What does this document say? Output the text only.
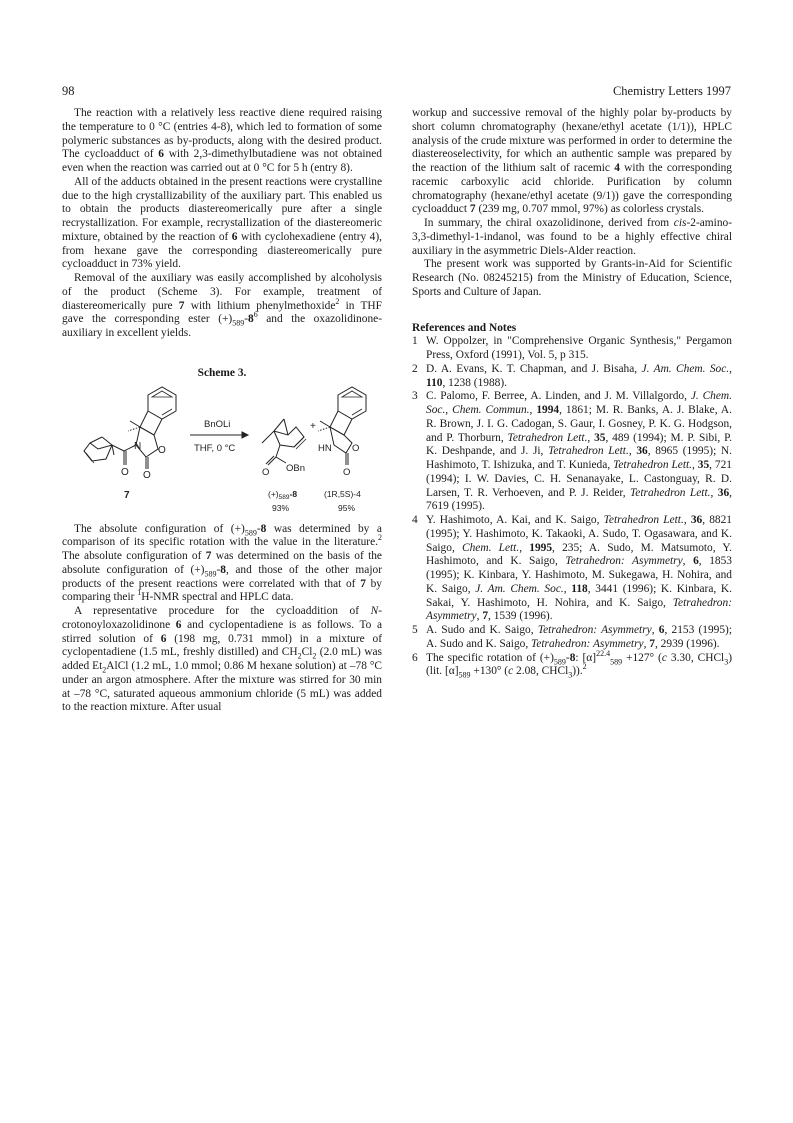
98	Chemistry Letters 1997

The reaction with a relatively less reactive diene required raising the temperature to 0 °C (entries 4-8), which led to formation of some polymeric substances as by-products, along with the desired product. The cycloadduct of 6 with 2,3-dimethylbutadiene was not obtained even when the reaction was carried out at 0 °C for 5 h (entry 8).

All of the adducts obtained in the present reactions were crystalline due to the high crystallizability of the auxiliary part. This enabled us to obtain the products diastereomerically pure after a single recrystallization. For example, recrystallization of the diastereomeric mixture, obtained by the reaction of 6 with cyclohexadiene (entry 4), from hexane gave the corresponding diastereomerically pure cycloadduct in 73% yield.

Removal of the auxiliary was easily accomplished by alcoholysis of the product (Scheme 3). For example, treatment of diastereomerically pure 7 with lithium phenylmethoxide$^2$ in THF gave the corresponding ester $(+)_{589}-8^6$ and the oxazolidinone-auxiliary in excellent yields.

Scheme 3.
N O
O
O
7
BnOLi
THF, 0 °C
O OBn
$(+)_{589}-8$
93%
+
HN O
O
(1R,5S)-4
95%

The absolute configuration of $(+)_{589}-8$ was determined by a comparison of its specific rotation with the value in the literature.$^2$ The absolute configuration of 7 was determined on the basis of the absolute configuration of $(+)_{589}-8$, and those of the other major products of the present reactions were correlated with that of 7 by comparing their $^1$H-NMR spectral and HPLC data.

A representative procedure for the cycloaddition of N-crotonoyloxazolidinone 6 and cyclopentadiene is as follows. To a stirred solution of 6 (198 mg, 0.731 mmol) in a mixture of cyclopentadiene (1.5 mL, freshly distilled) and $CH_2Cl_2$ (2.0 mL) was added $Et_2AlCl$ (1.2 mL, 1.0 mmol; 0.86 M hexane solution) at –78 °C under an argon atmosphere. After the mixture was stirred for 30 min at –78 °C, saturated aqueous ammonium chloride (5 mL) was added to the reaction mixture. After usual

workup and successive removal of the highly polar by-products by short column chromatography (hexane/ethyl acetate (1/1)), HPLC analysis of the crude mixture was performed in order to determine the diastereoselectivity, for which an authentic sample was prepared by the reaction of the lithium salt of racemic 4 with the corresponding racemic carboxylic acid chloride. Purification by column chromatography (hexane/ethyl acetate (9/1)) gave the corresponding cycloadduct 7 (239 mg, 0.707 mmol, 97%) as colorless crystals.

In summary, the chiral oxazolidinone, derived from cis-2-amino-3,3-dimethyl-1-indanol, was found to be a highly effective chiral auxiliary in the asymmetric Diels-Alder reaction.

The present work was supported by Grants-in-Aid for Scientific Research (No. 08245215) from the Ministry of Education, Science, Sports and Culture of Japan.

References and Notes
1 W. Oppolzer, in "Comprehensive Organic Synthesis," Pergamon Press, Oxford (1991), Vol. 5, p 315.
2 D. A. Evans, K. T. Chapman, and J. Bisaha, J. Am. Chem. Soc., 110, 1238 (1988).
3 C. Palomo, F. Berree, A. Linden, and J. M. Villalgordo, J. Chem. Soc., Chem. Commun., 1994, 1861; M. R. Banks, A. J. Blake, A. R. Brown, J. I. G. Cadogan, S. Gaur, I. Gosney, P. K. G. Hodgson, and P. Thorburn, Tetrahedron Lett., 35, 489 (1994); M. P. Sibi, P. K. Deshpande, and J. Ji, Tetrahedron Lett., 36, 8965 (1995); N. Hashimoto, T. Ishizuka, and T. Kunieda, Tetrahedron Lett., 35, 721 (1994); I. W. Davies, C. H. Senanayake, L. Castonguay, R. D. Larsen, T. R. Verhoeven, and P. J. Reider, Tetrahedron Lett., 36, 7619 (1995).
4 Y. Hashimoto, A. Kai, and K. Saigo, Tetrahedron Lett., 36, 8821 (1995); Y. Hashimoto, K. Takaoki, A. Sudo, T. Ogasawara, and K. Saigo, Chem. Lett., 1995, 235; A. Sudo, M. Matsumoto, Y. Hashimoto, and K. Saigo, Tetrahedron: Asymmetry, 6, 1853 (1995); K. Kinbara, Y. Hashimoto, M. Sukegawa, H. Nohira, and K. Saigo, J. Am. Chem. Soc., 118, 3441 (1996); K. Kinbara, K. Sakai, Y. Hashimoto, H. Nohira, and K. Saigo, Tetrahedron: Asymmetry, 7, 1539 (1996).
5 A. Sudo and K. Saigo, Tetrahedron: Asymmetry, 6, 2153 (1995); A. Sudo and K. Saigo, Tetrahedron: Asymmetry, 7, 2939 (1996).
6 The specific rotation of $(+)_{589}-8$: $[\alpha]^{22.4}_{589} +127^\circ$ (c 3.30, CHCl$_3$) (lit. $[\alpha]_{589} +130^\circ$ (c 2.08, CHCl$_3$)).$^2$
